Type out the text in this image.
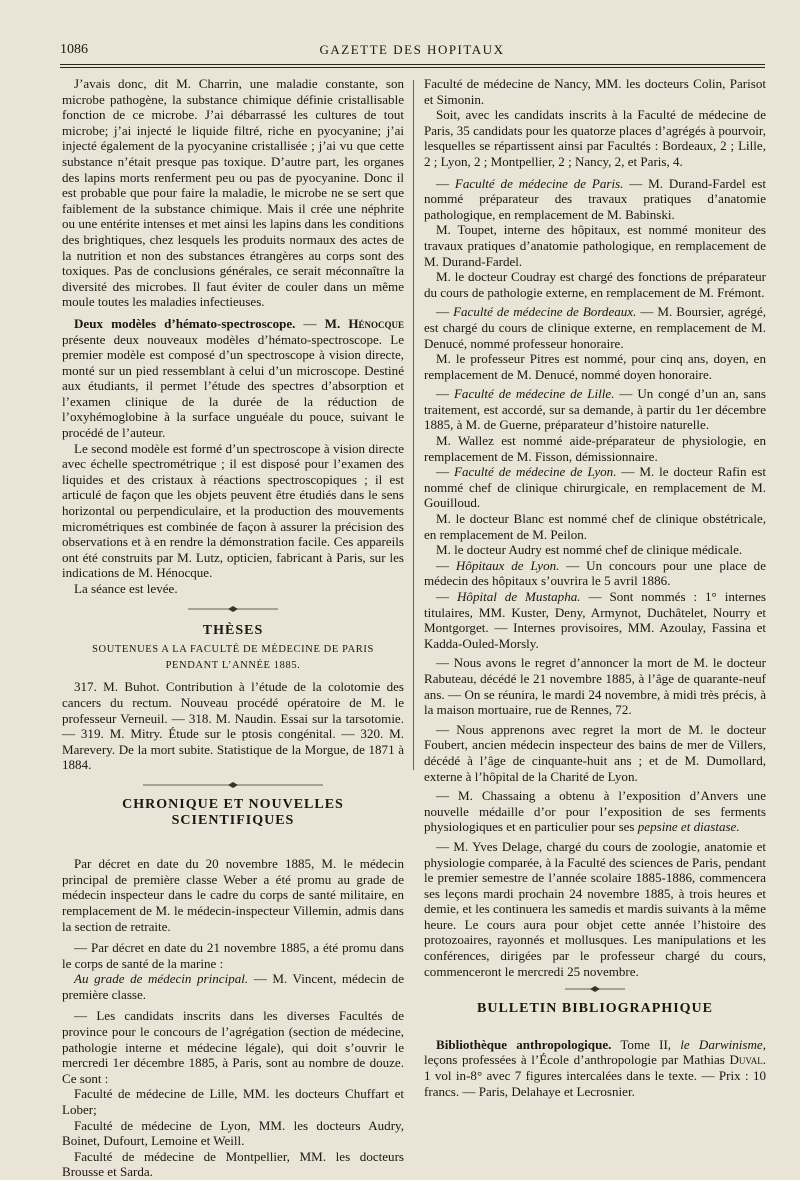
1086	GAZETTE DES HOPITAUX

J’avais donc, dit M. Charrin, une maladie constante, son microbe pathogène, la substance chimique définie cristallisable fonction de ce microbe. J’ai débarrassé les cultures de tout microbe; j’ai injecté le liquide filtré, riche en pyocyanine; j’ai injecté également de la pyocyanine cristallisée ; j’ai vu que cette substance n’était presque pas toxique. D’autre part, les organes des lapins morts renferment peu ou pas de pyocyanine. Donc il est probable que pour faire la maladie, le microbe ne se sert que faiblement de la substance chimique. Mais il crée une néphrite ou une entérite intenses et met ainsi les lapins dans les conditions des brightiques, chez lesquels les produits normaux des actes de la nutrition et non des substances étrangères au corps sont des toxiques. Pas de conclusions générales, ce serait méconnaître la diversité des microbes. Il faut éviter de couler dans un même moule toutes les maladies infectieuses.

Deux modèles d’hémato-spectroscope. — M. Hénocque présente deux nouveaux modèles d’hémato-spectroscope. Le premier modèle est composé d’un spectroscope à vision directe, monté sur un pied ressemblant à celui d’un microscope. Destiné aux étudiants, il permet l’étude des spectres d’absorption et l’examen clinique de la durée de la réduction de l’oxyhémoglobine à la surface unguéale du pouce, suivant le procédé de l’auteur.

Le second modèle est formé d’un spectroscope à vision directe avec échelle spectrométrique ; il est disposé pour l’examen des liquides et des cristaux à réactions spectroscopiques ; il est articulé de façon que les objets peuvent être étudiés dans le sens horizontal ou perpendiculaire, et la production des mouvements micrométriques est combinée de façon à assurer la précision des observations et à en rendre la démonstration facile. Ces appareils ont été construits par M. Lutz, opticien, fabricant à Paris, sur les indications de M. Hénocque.

La séance est levée.

THÈSES

SOUTENUES A LA FACULTÉ DE MÉDECINE DE PARIS

PENDANT L’ANNÉE 1885.

317. M. Buhot. Contribution à l’étude de la colotomie des cancers du rectum. Nouveau procédé opératoire de M. le professeur Verneuil. — 318. M. Naudin. Essai sur la tarsotomie. — 319. M. Mitry. Étude sur le ptosis congénital. — 320. M. Marevery. De la mort subite. Statistique de la Morgue, de 1871 à 1884.

CHRONIQUE ET NOUVELLES SCIENTIFIQUES

Par décret en date du 20 novembre 1885, M. le médecin principal de première classe Weber a été promu au grade de médecin inspecteur dans le cadre du corps de santé militaire, en remplacement de M. le médecin-inspecteur Villemin, admis dans la section de retraite.

— Par décret en date du 21 novembre 1885, a été promu dans le corps de santé de la marine :

Au grade de médecin principal. — M. Vincent, médecin de première classe.

— Les candidats inscrits dans les diverses Facultés de province pour le concours de l’agrégation (section de médecine, pathologie interne et médecine légale), qui doit s’ouvrir le mercredi 1er décembre 1885, à Paris, sont au nombre de douze. Ce sont :

Faculté de médecine de Lille, MM. les docteurs Chuffart et Lober;

Faculté de médecine de Lyon, MM. les docteurs Audry, Boinet, Dufourt, Lemoine et Weill.

Faculté de médecine de Montpellier, MM. les docteurs Brousse et Sarda.

Faculté de médecine de Nancy, MM. les docteurs Colin, Parisot et Simonin.

Soit, avec les candidats inscrits à la Faculté de médecine de Paris, 35 candidats pour les quatorze places d’agrégés à pourvoir, lesquelles se répartissent ainsi par Facultés : Bordeaux, 2 ; Lille, 2 ; Lyon, 2 ; Montpellier, 2 ; Nancy, 2, et Paris, 4.

— Faculté de médecine de Paris. — M. Durand-Fardel est nommé préparateur des travaux pratiques d’anatomie pathologique, en remplacement de M. Babinski.

M. Toupet, interne des hôpitaux, est nommé moniteur des travaux pratiques d’anatomie pathologique, en remplacement de M. Durand-Fardel.

M. le docteur Coudray est chargé des fonctions de préparateur du cours de pathologie externe, en remplacement de M. Frémont.

— Faculté de médecine de Bordeaux. — M. Boursier, agrégé, est chargé du cours de clinique externe, en remplacement de M. Denucé, nommé professeur honoraire.

M. le professeur Pitres est nommé, pour cinq ans, doyen, en remplacement de M. Denucé, nommé doyen honoraire.

— Faculté de médecine de Lille. — Un congé d’un an, sans traitement, est accordé, sur sa demande, à partir du 1er décembre 1885, à M. de Guerne, préparateur d’histoire naturelle.

M. Wallez est nommé aide-préparateur de physiologie, en remplacement de M. Fisson, démissionnaire.

— Faculté de médecine de Lyon. — M. le docteur Rafin est nommé chef de clinique chirurgicale, en remplacement de M. Gouilloud.

M. le docteur Blanc est nommé chef de clinique obstétricale, en remplacement de M. Peilon.

M. le docteur Audry est nommé chef de clinique médicale.

— Hôpitaux de Lyon. — Un concours pour une place de médecin des hôpitaux s’ouvrira le 5 avril 1886.

— Hôpital de Mustapha. — Sont nommés : 1° internes titulaires, MM. Kuster, Deny, Armynot, Duchâtelet, Nourry et Montgorget. — Internes provisoires, MM. Azoulay, Fassina et Kadda-Ouled-Morsly.

— Nous avons le regret d’annoncer la mort de M. le docteur Rabuteau, décédé le 21 novembre 1885, à l’âge de quarante-neuf ans. — On se réunira, le mardi 24 novembre, à midi très précis, à la maison mortuaire, rue de Rennes, 72.

— Nous apprenons avec regret la mort de M. le docteur Foubert, ancien médecin inspecteur des bains de mer de Villers, décédé à l’âge de cinquante-huit ans ; et de M. Dumollard, externe à l’hôpital de la Charité de Lyon.

— M. Chassaing a obtenu à l’exposition d’Anvers une nouvelle médaille d’or pour l’exposition de ses ferments physiologiques et en particulier pour ses pepsine et diastase.

— M. Yves Delage, chargé du cours de zoologie, anatomie et physiologie comparée, à la Faculté des sciences de Paris, pendant le premier semestre de l’année scolaire 1885-1886, commencera ses leçons mardi prochain 24 novembre 1885, à trois heures et demie, et les continuera les samedis et mardis suivants à la même heure. Le cours aura pour objet cette année l’histoire des protozoaires, rayonnés et mollusques. Les manipulations et les conférences, dirigées par le professeur chargé du cours, commenceront le mercredi 25 novembre.

BULLETIN BIBLIOGRAPHIQUE

Bibliothèque anthropologique. Tome II, le Darwinisme, leçons professées à l’École d’anthropologie par Mathias Duval. 1 vol in-8° avec 7 figures intercalées dans le texte. — Prix : 10 francs. — Paris, Delahaye et Lecrosnier.
